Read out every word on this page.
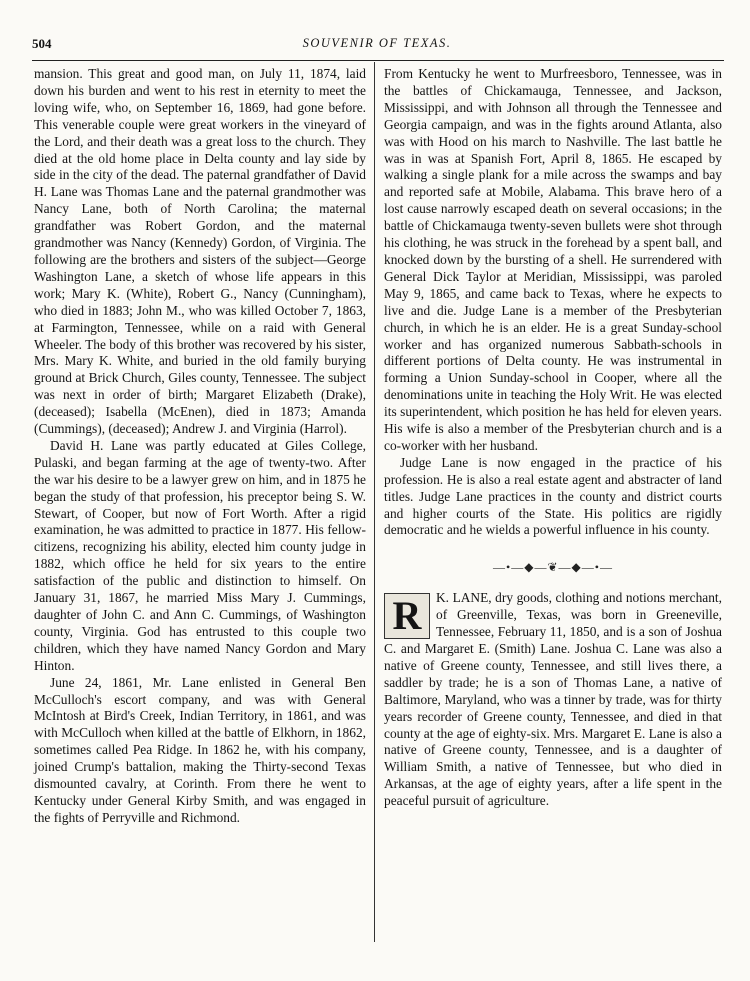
504	SOUVENIR OF TEXAS.

mansion. This great and good man, on July 11, 1874, laid down his burden and went to his rest in eternity to meet the loving wife, who, on September 16, 1869, had gone before. This venerable couple were great workers in the vineyard of the Lord, and their death was a great loss to the church. They died at the old home place in Delta county and lay side by side in the city of the dead. The paternal grandfather of David H. Lane was Thomas Lane and the paternal grandmother was Nancy Lane, both of North Carolina; the maternal grandfather was Robert Gordon, and the maternal grandmother was Nancy (Kennedy) Gordon, of Virginia. The following are the brothers and sisters of the subject—George Washington Lane, a sketch of whose life appears in this work; Mary K. (White), Robert G., Nancy (Cunningham), who died in 1883; John M., who was killed October 7, 1863, at Farmington, Tennessee, while on a raid with General Wheeler. The body of this brother was recovered by his sister, Mrs. Mary K. White, and buried in the old family burying ground at Brick Church, Giles county, Tennessee. The subject was next in order of birth; Margaret Elizabeth (Drake), (deceased); Isabella (McEnen), died in 1873; Amanda (Cummings), (deceased); Andrew J. and Virginia (Harrol).

David H. Lane was partly educated at Giles College, Pulaski, and began farming at the age of twenty-two. After the war his desire to be a lawyer grew on him, and in 1875 he began the study of that profession, his preceptor being S. W. Stewart, of Cooper, but now of Fort Worth. After a rigid examination, he was admitted to practice in 1877. His fellow-citizens, recognizing his ability, elected him county judge in 1882, which office he held for six years to the entire satisfaction of the public and distinction to himself. On January 31, 1867, he married Miss Mary J. Cummings, daughter of John C. and Ann C. Cummings, of Washington county, Virginia. God has entrusted to this couple two children, which they have named Nancy Gordon and Mary Hinton.

June 24, 1861, Mr. Lane enlisted in General Ben McCulloch's escort company, and was with General McIntosh at Bird's Creek, Indian Territory, in 1861, and was with McCulloch when killed at the battle of Elkhorn, in 1862, sometimes called Pea Ridge. In 1862 he, with his company, joined Crump's battalion, making the Thirty-second Texas dismounted cavalry, at Corinth. From there he went to Kentucky under General Kirby Smith, and was engaged in the fights of Perryville and Richmond.

From Kentucky he went to Murfreesboro, Tennessee, was in the battles of Chickamauga, Tennessee, and Jackson, Mississippi, and with Johnson all through the Tennessee and Georgia campaign, and was in the fights around Atlanta, also was with Hood on his march to Nashville. The last battle he was in was at Spanish Fort, April 8, 1865. He escaped by walking a single plank for a mile across the swamps and bay and reported safe at Mobile, Alabama. This brave hero of a lost cause narrowly escaped death on several occasions; in the battle of Chickamauga twenty-seven bullets were shot through his clothing, he was struck in the forehead by a spent ball, and knocked down by the bursting of a shell. He surrendered with General Dick Taylor at Meridian, Mississippi, was paroled May 9, 1865, and came back to Texas, where he expects to live and die. Judge Lane is a member of the Presbyterian church, in which he is an elder. He is a great Sunday-school worker and has organized numerous Sabbath-schools in different portions of Delta county. He was instrumental in forming a Union Sunday-school in Cooper, where all the denominations unite in teaching the Holy Writ. He was elected its superintendent, which position he has held for eleven years. His wife is also a member of the Presbyterian church and is a co-worker with her husband.

Judge Lane is now engaged in the practice of his profession. He is also a real estate agent and abstracter of land titles. Judge Lane practices in the county and district courts and higher courts of the State. His politics are rigidly democratic and he wields a powerful influence in his county.

—•—◆—❦—◆—•—
R	K. LANE, dry goods, clothing and notions merchant, of Greenville, Texas, was born in Greeneville, Tennessee, February 11, 1850, and is a son of Joshua C. and Margaret E. (Smith) Lane. Joshua C. Lane was also a native of Greene county, Tennessee, and still lives there, a saddler by trade; he is a son of Thomas Lane, a native of Baltimore, Maryland, who was a tinner by trade, was for thirty years recorder of Greene county, Tennessee, and died in that county at the age of eighty-six. Mrs. Margaret E. Lane is also a native of Greene county, Tennessee, and is a daughter of William Smith, a native of Tennessee, but who died in Arkansas, at the age of eighty years, after a life spent in the peaceful pursuit of agriculture.
